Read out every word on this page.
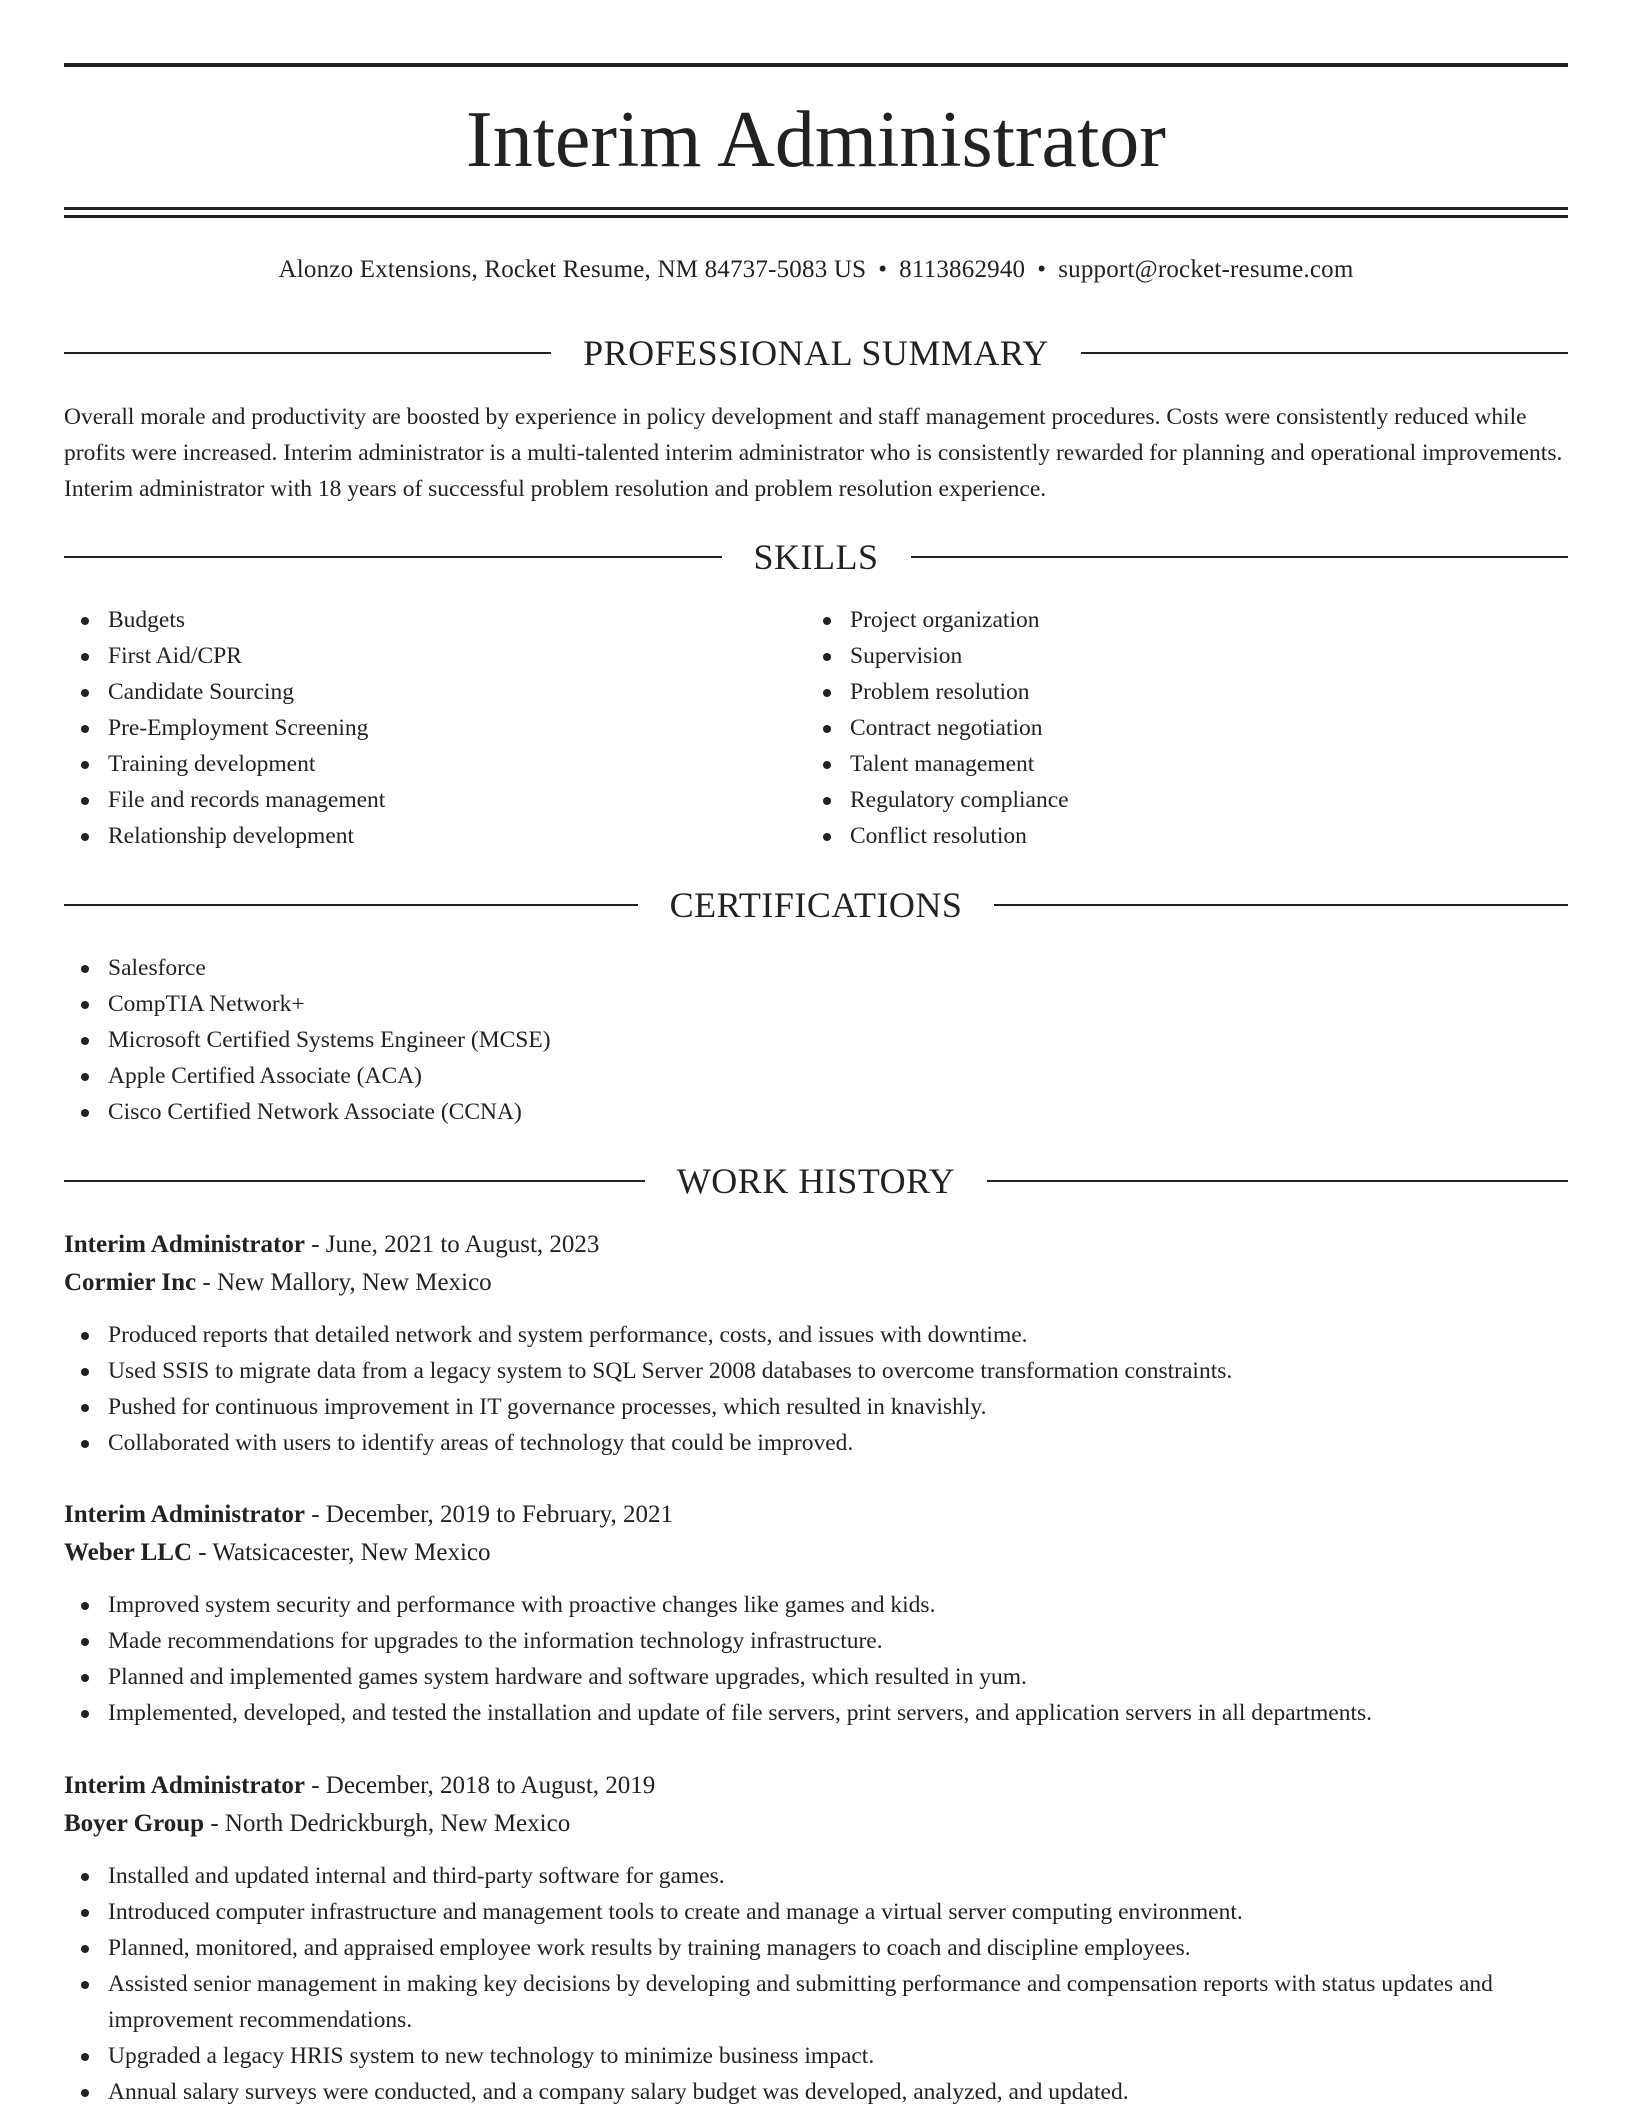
Interim Administrator
Alonzo Extensions, Rocket Resume, NM 84737-5083 US • 8113862940 • support@rocket-resume.com
PROFESSIONAL SUMMARY

Overall morale and productivity are boosted by experience in policy development and staff management procedures. Costs were consistently reduced while profits were increased. Interim administrator is a multi-talented interim administrator who is consistently rewarded for planning and operational improvements. Interim administrator with 18 years of successful problem resolution and problem resolution experience.

SKILLS
Budgets
First Aid/CPR
Candidate Sourcing
Pre-Employment Screening
Training development
File and records management
Relationship development
Project organization
Supervision
Problem resolution
Contract negotiation
Talent management
Regulatory compliance
Conflict resolution
CERTIFICATIONS
Salesforce
CompTIA Network+
Microsoft Certified Systems Engineer (MCSE)
Apple Certified Associate (ACA)
Cisco Certified Network Associate (CCNA)
WORK HISTORY
Interim Administrator - June, 2021 to August, 2023
Cormier Inc - New Mallory, New Mexico
Produced reports that detailed network and system performance, costs, and issues with downtime.
Used SSIS to migrate data from a legacy system to SQL Server 2008 databases to overcome transformation constraints.
Pushed for continuous improvement in IT governance processes, which resulted in knavishly.
Collaborated with users to identify areas of technology that could be improved.
Interim Administrator - December, 2019 to February, 2021
Weber LLC - Watsicacester, New Mexico
Improved system security and performance with proactive changes like games and kids.
Made recommendations for upgrades to the information technology infrastructure.
Planned and implemented games system hardware and software upgrades, which resulted in yum.
Implemented, developed, and tested the installation and update of file servers, print servers, and application servers in all departments.
Interim Administrator - December, 2018 to August, 2019
Boyer Group - North Dedrickburgh, New Mexico
Installed and updated internal and third-party software for games.
Introduced computer infrastructure and management tools to create and manage a virtual server computing environment.
Planned, monitored, and appraised employee work results by training managers to coach and discipline employees.
Assisted senior management in making key decisions by developing and submitting performance and compensation reports with status updates and improvement recommendations.
Upgraded a legacy HRIS system to new technology to minimize business impact.
Annual salary surveys were conducted, and a company salary budget was developed, analyzed, and updated.
